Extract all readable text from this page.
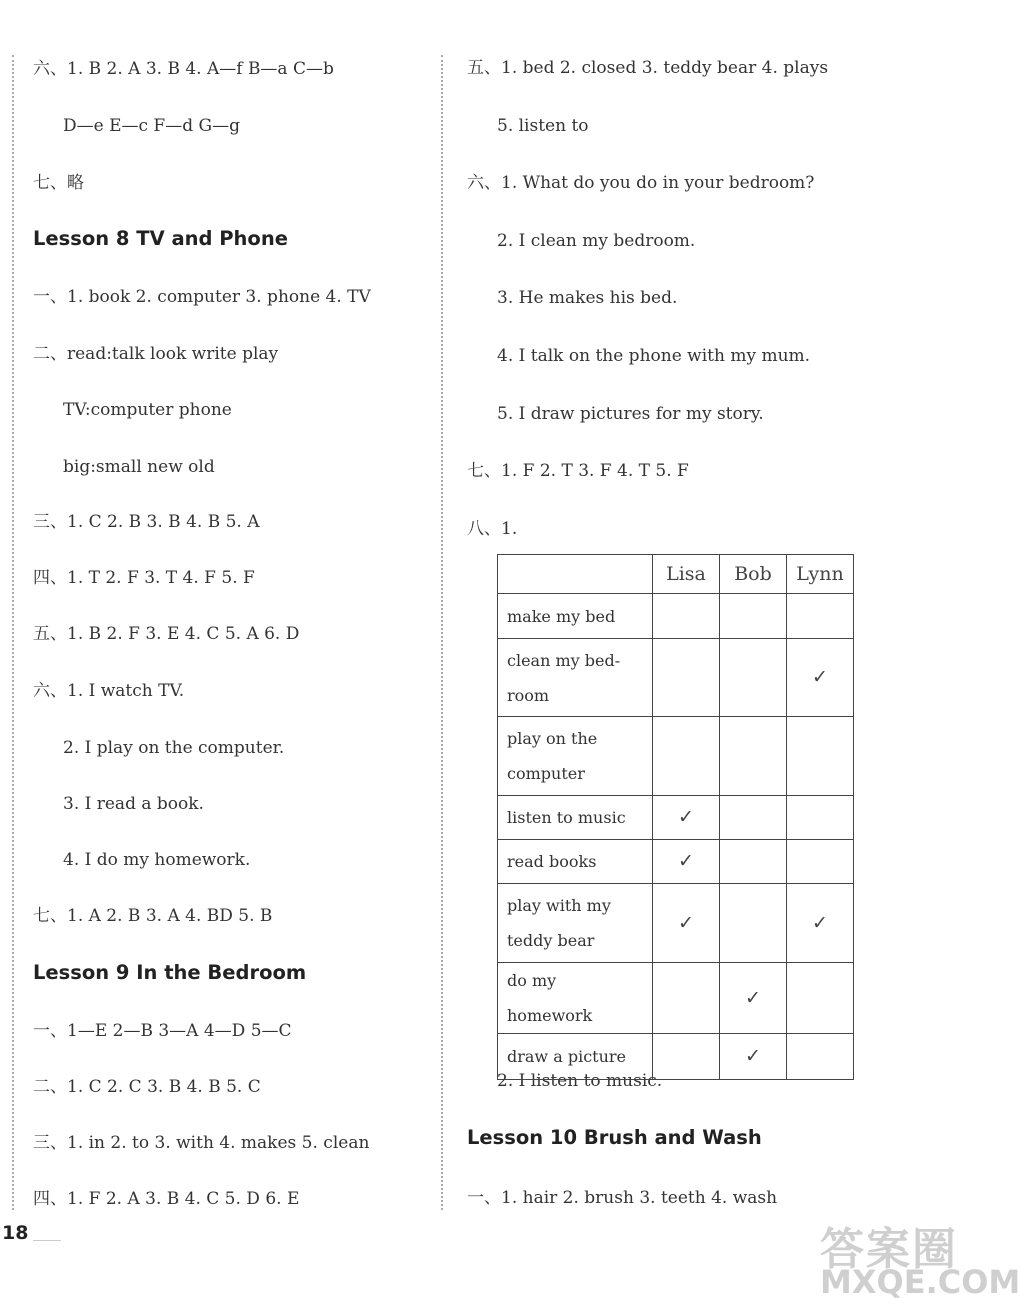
六、1. B 2. A 3. B 4. A—f B—a C—b
D—e E—c F—d G—g
七、略
Lesson 8 TV and Phone
一、1. book 2. computer 3. phone 4. TV
二、read:talk look write play
TV:computer phone
big:small new old
三、1. C 2. B 3. B 4. B 5. A
四、1. T 2. F 3. T 4. F 5. F
五、1. B 2. F 3. E 4. C 5. A 6. D
六、1. I watch TV.
2. I play on the computer.
3. I read a book.
4. I do my homework.
七、1. A 2. B 3. A 4. BD 5. B
Lesson 9 In the Bedroom
一、1—E 2—B 3—A 4—D 5—C
二、1. C 2. C 3. B 4. B 5. C
三、1. in 2. to 3. with 4. makes 5. clean
四、1. F 2. A 3. B 4. C 5. D 6. E
五、1. bed 2. closed 3. teddy bear 4. plays
5. listen to
六、1. What do you do in your bedroom?
2. I clean my bedroom.
3. He makes his bed.
4. I talk on the phone with my mum.
5. I draw pictures for my story.
七、1. F 2. T 3. F 4. T 5. F
八、1.
2. I listen to music.
Lesson 10 Brush and Wash
一、1. hair 2. brush 3. teeth 4. wash
	Lisa	Bob	Lynn
make my bed			
clean my bed-room			✓
play on the computer			
listen to music	✓		
read books	✓		
play with my teddy bear	✓		✓
do my homework		✓	
draw a picture		✓	
18	答案圈
MXQE.COM
